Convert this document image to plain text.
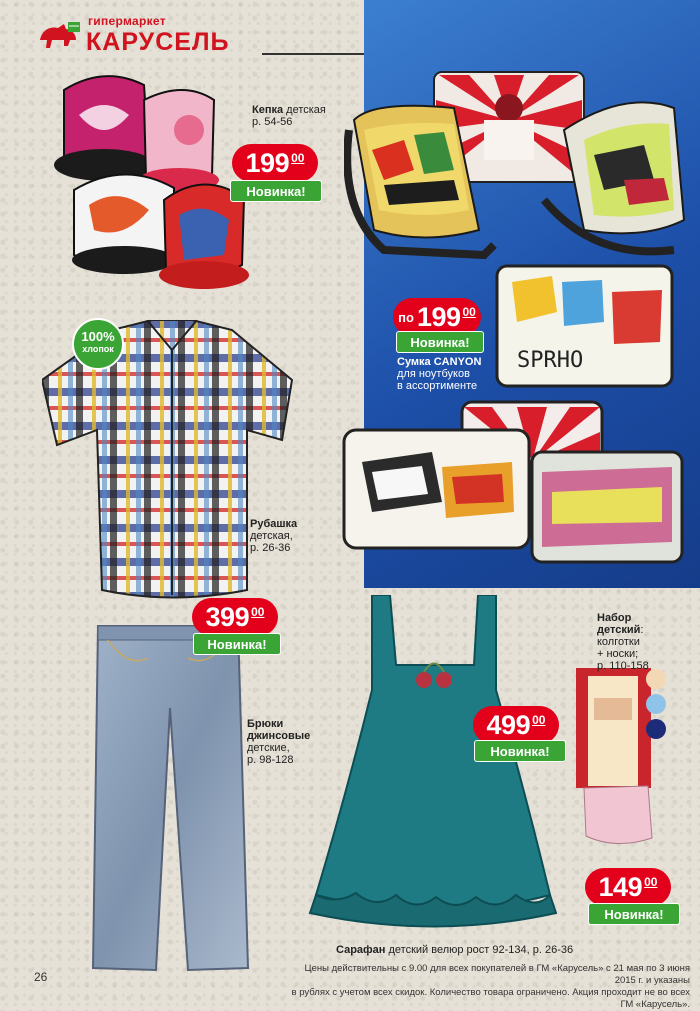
гипермаркет
КАРУСЕЛЬ
SPRHO
Кепка детская
р. 54-56
199 00
Новинка!
по 199 00
Новинка!
Сумка CANYON
для ноутбуков
в ассортименте
100%
хлопок
Рубашка
детская,
р. 26-36
399 00
Новинка!
Брюки
джинсовые
детские,
р. 98-128
499 00
Новинка!
Сарафан детский велюр рост 92-134, р. 26-36
Набор
детский:
колготки
+ носки;
р. 110-158
149 00
Новинка!
26
Цены действительны с 9.00 для всех покупателей в ГМ «Карусель» с 21 мая по 3 июня 2015 г. и указаны
в рублях с учетом всех скидок. Количество товара ограничено. Акция проходит не во всех ГМ «Карусель».
